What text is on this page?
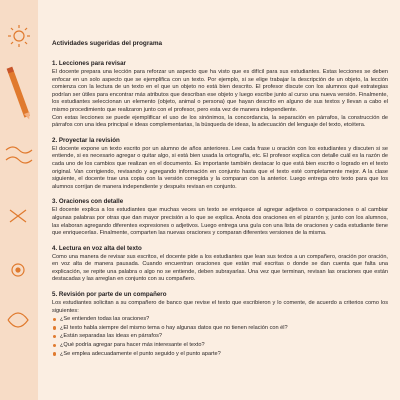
Actividades sugeridas del programa
1. Lecciones para revisar

El docente prepara una lección para reforzar un aspecto que ha visto que es difícil para sus estudiantes. Estas lecciones se deben enfocar en un solo aspecto que se ejemplifica con un texto. Por ejemplo, si se elige trabajar la descripción de un objeto, la lección comienza con la lectura de un texto en el que un objeto no está bien descrito. El profesor discute con los alumnos qué estrategias podrían ser útiles para encontrar más atributos que describan ese objeto y luego escribe junto al curso una nueva versión. Finalmente, los estudiantes seleccionan un elemento (objeto, animal o persona) que hayan descrito en alguno de sus textos y llevan a cabo el mismo procedimiento que realizaron junto con el profesor, pero esta vez de manera independiente.

Con estas lecciones se puede ejemplificar el uso de los sinónimos, la concordancia, la separación en párrafos, la construcción de párrafos con una idea principal e ideas complementarias, la búsqueda de ideas, la adecuación del lenguaje del texto, etcétera.

2. Proyectar la revisión

El docente expone un texto escrito por un alumno de años anteriores. Lee cada frase u oración con los estudiantes y discuten si se entiende, si es necesario agregar o quitar algo, si está bien usada la ortografía, etc. El profesor explica con detalle cuál es la razón de cada uno de los cambios que realizan en el documento. Es importante también destacar lo que está bien escrito o logrado en el texto original. Van corrigiendo, revisando y agregando información en conjunto hasta que el texto esté completamente mejor. A la clase siguiente, el docente trae una copia con la versión corregida y la comparan con la anterior. Luego entrega otro texto para que los alumnos corrijan de manera independiente y después revisan en conjunto.

3. Oraciones con detalle

El docente explica a los estudiantes que muchas veces un texto se enriquece al agregar adjetivos o comparaciones o al cambiar algunas palabras por otras que dan mayor precisión a lo que se explica. Anota dos oraciones en el pizarrón y, junto con los alumnos, las elaboran agregando diferentes expresiones o adjetivos. Luego entrega una guía con una lista de oraciones y cada estudiante tiene que enriquecerlas. Finalmente, comparten las nuevas oraciones y comparan diferentes versiones de la misma.

4. Lectura en voz alta del texto

Como una manera de revisar sus escritos, el docente pide a los estudiantes que lean sus textos a un compañero, oración por oración, en voz alta de manera pausada. Cuando encuentran oraciones que están mal escritas o donde se dan cuenta que falta una explicación, se repite una palabra o algo no se entiende, deben subrayarlas. Una vez que terminan, revisan las oraciones que están destacadas y las arreglan en conjunto con su compañero.

5. Revisión por parte de un compañero

Los estudiantes solicitan a su compañero de banco que revise el texto que escribieron y lo comente, de acuerdo a criterios como los siguientes:

¿Se entienden todas las oraciones?
¿El texto habla siempre del mismo tema o hay algunas datos que no tienen relación con él?
¿Están separadas las ideas en párrafos?
¿Qué podría agregar para hacer más interesante el texto?
¿Se emplea adecuadamente el punto seguido y el punto aparte?
